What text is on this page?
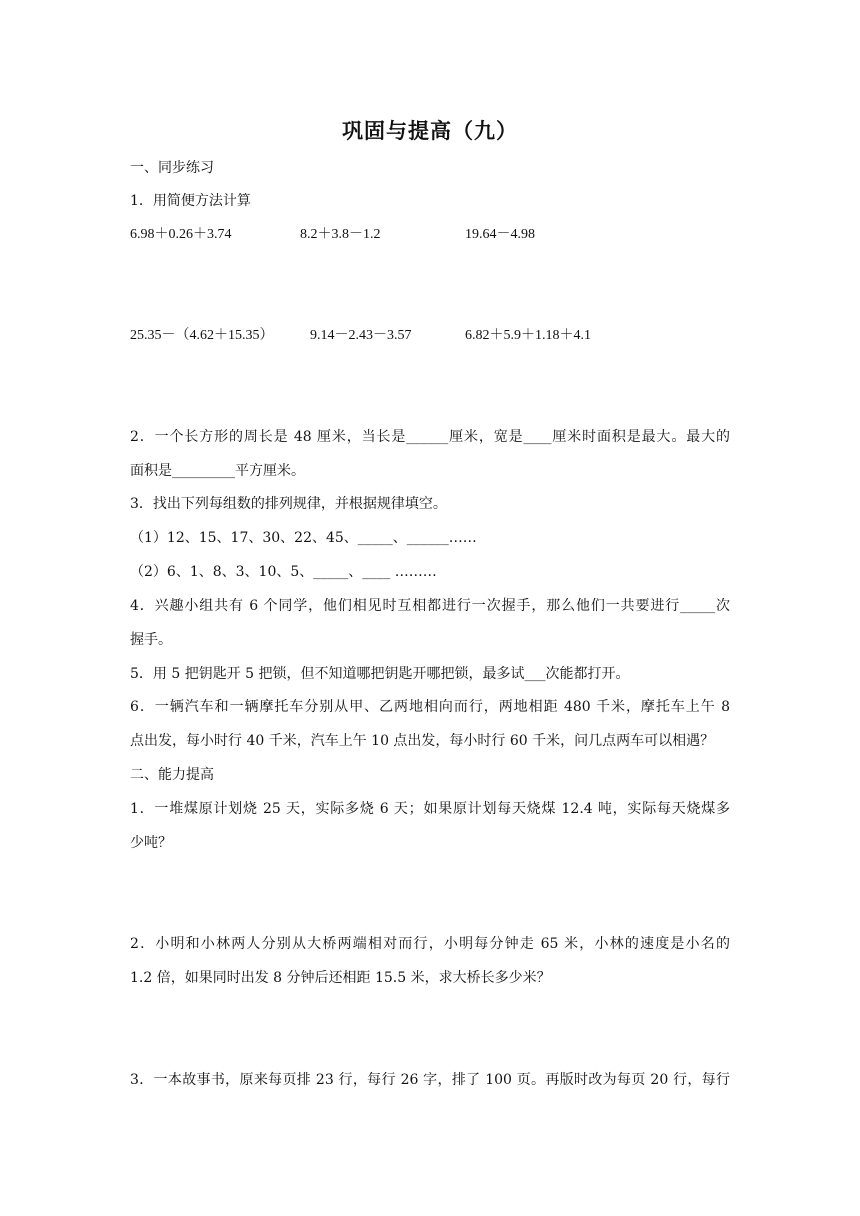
巩固与提高（九）
一、同步练习
1．用简便方法计算
6.98＋0.26＋3.74	8.2＋3.8－1.2	19.64－4.98
25.35－（4.62＋15.35）	9.14－2.43－3.57	6.82＋5.9＋1.18＋4.1
2．一个长方形的周长是 48 厘米，当长是______厘米，宽是____厘米时面积是最大。最大的
面积是_________平方厘米。
3．找出下列每组数的排列规律，并根据规律填空。
（1）12、15、17、30、22、45、_____、______……
（2）6、1、8、3、10、5、_____、____ ………
4．兴趣小组共有 6 个同学，他们相见时互相都进行一次握手，那么他们一共要进行_____次
握手。
5．用 5 把钥匙开 5 把锁，但不知道哪把钥匙开哪把锁，最多试___次能都打开。
6．一辆汽车和一辆摩托车分别从甲、乙两地相向而行，两地相距 480 千米，摩托车上午 8
点出发，每小时行 40 千米，汽车上午 10 点出发，每小时行 60 千米，问几点两车可以相遇？
二、能力提高
1．一堆煤原计划烧 25 天，实际多烧 6 天；如果原计划每天烧煤 12.4 吨，实际每天烧煤多
少吨？
2．小明和小林两人分别从大桥两端相对而行，小明每分钟走 65 米，小林的速度是小名的
1.2 倍，如果同时出发 8 分钟后还相距 15.5 米，求大桥长多少米？
3．一本故事书，原来每页排 23 行，每行 26 字，排了 100 页。再版时改为每页 20 行，每行
